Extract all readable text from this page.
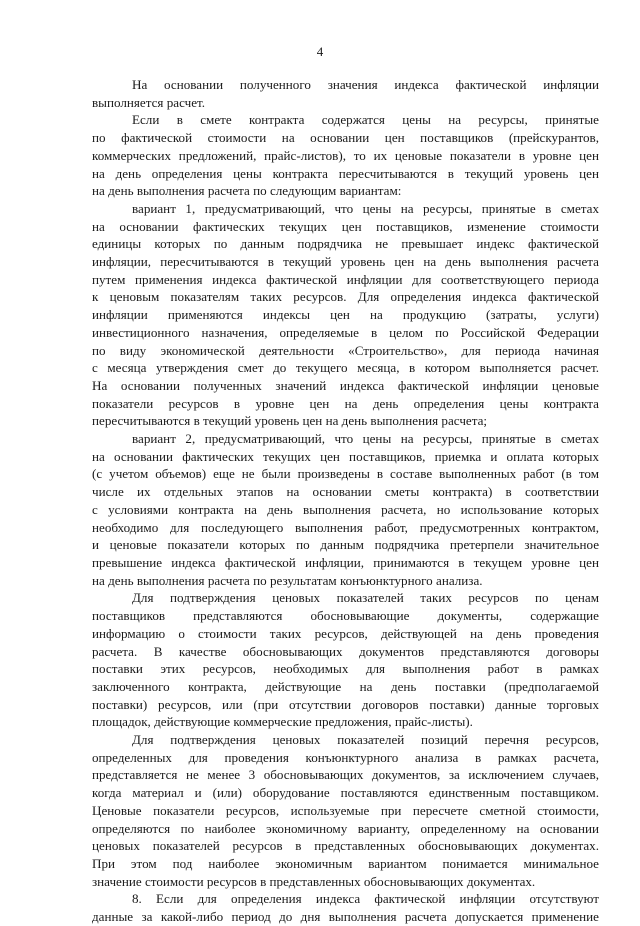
4

На основании полученного значения индекса фактической инфляции

выполняется расчет.

Если в смете контракта содержатся цены на ресурсы, принятые

по фактической стоимости на основании цен поставщиков (прейскурантов,

коммерческих предложений, прайс-листов), то их ценовые показатели в уровне цен

на день определения цены контракта пересчитываются в текущий уровень цен

на день выполнения расчета по следующим вариантам:

вариант 1, предусматривающий, что цены на ресурсы, принятые в сметах

на основании фактических текущих цен поставщиков, изменение стоимости

единицы которых по данным подрядчика не превышает индекс фактической

инфляции, пересчитываются в текущий уровень цен на день выполнения расчета

путем применения индекса фактической инфляции для соответствующего периода

к ценовым показателям таких ресурсов. Для определения индекса фактической

инфляции применяются индексы цен на продукцию (затраты, услуги)

инвестиционного назначения, определяемые в целом по Российской Федерации

по виду экономической деятельности «Строительство», для периода начиная

с месяца утверждения смет до текущего месяца, в котором выполняется расчет.

На основании полученных значений индекса фактической инфляции ценовые

показатели ресурсов в уровне цен на день определения цены контракта

пересчитываются в текущий уровень цен на день выполнения расчета;

вариант 2, предусматривающий, что цены на ресурсы, принятые в сметах

на основании фактических текущих цен поставщиков, приемка и оплата которых

(с учетом объемов) еще не были произведены в составе выполненных работ (в том

числе их отдельных этапов на основании сметы контракта) в соответствии

с условиями контракта на день выполнения расчета, но использование которых

необходимо для последующего выполнения работ, предусмотренных контрактом,

и ценовые показатели которых по данным подрядчика претерпели значительное

превышение индекса фактической инфляции, принимаются в текущем уровне цен

на день выполнения расчета по результатам конъюнктурного анализа.

Для подтверждения ценовых показателей таких ресурсов по ценам

поставщиков представляются обосновывающие документы, содержащие

информацию о стоимости таких ресурсов, действующей на день проведения

расчета. В качестве обосновывающих документов представляются договоры

поставки этих ресурсов, необходимых для выполнения работ в рамках

заключенного контракта, действующие на день поставки (предполагаемой

поставки) ресурсов, или (при отсутствии договоров поставки) данные торговых

площадок, действующие коммерческие предложения, прайс-листы).

Для подтверждения ценовых показателей позиций перечня ресурсов,

определенных для проведения конъюнктурного анализа в рамках расчета,

представляется не менее 3 обосновывающих документов, за исключением случаев,

когда материал и (или) оборудование поставляются единственным поставщиком.

Ценовые показатели ресурсов, используемые при пересчете сметной стоимости,

определяются по наиболее экономичному варианту, определенному на основании

ценовых показателей ресурсов в представленных обосновывающих документах.

При этом под наиболее экономичным вариантом понимается минимальное

значение стоимости ресурсов в представленных обосновывающих документах.

8. Если для определения индекса фактической инфляции отсутствуют

данные за какой-либо период до дня выполнения расчета допускается применение
